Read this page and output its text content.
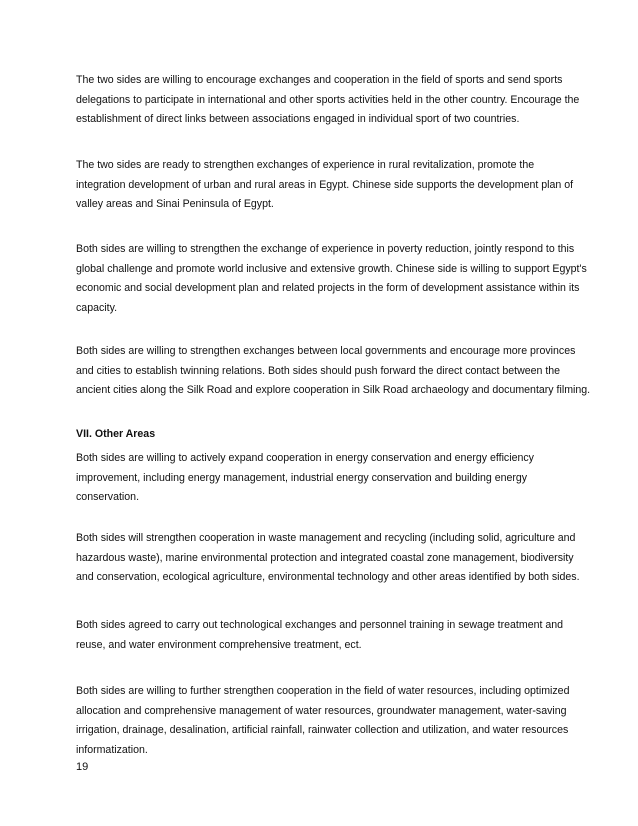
The two sides are willing to encourage exchanges and cooperation in the field of sports and send sports
delegations to participate in international and other sports activities held in the other country. Encourage the
establishment of direct links between associations engaged in individual sport of two countries.

The two sides are ready to strengthen exchanges of experience in rural revitalization, promote the
integration development of urban and rural areas in Egypt. Chinese side supports the development plan of
valley areas and Sinai Peninsula of Egypt.

Both sides are willing to strengthen the exchange of experience in poverty reduction, jointly respond to this
global challenge and promote world inclusive and extensive growth. Chinese side is willing to support Egypt's
economic and social development plan and related projects in the form of development assistance within its
capacity.

Both sides are willing to strengthen exchanges between local governments and encourage more provinces
and cities to establish twinning relations. Both sides should push forward the direct contact between the
ancient cities along the Silk Road and explore cooperation in Silk Road archaeology and documentary filming.

VII. Other Areas

Both sides are willing to actively expand cooperation in energy conservation and energy efficiency
improvement, including energy management, industrial energy conservation and building energy
conservation.

Both sides will strengthen cooperation in waste management and recycling (including solid, agriculture and
hazardous waste), marine environmental protection and integrated coastal zone management, biodiversity
and conservation, ecological agriculture, environmental technology and other areas identified by both sides.

Both sides agreed to carry out technological exchanges and personnel training in sewage treatment and
reuse, and water environment comprehensive treatment, ect.

Both sides are willing to further strengthen cooperation in the field of water resources, including optimized
allocation and comprehensive management of water resources, groundwater management, water-saving
irrigation, drainage, desalination, artificial rainfall, rainwater collection and utilization, and water resources
informatization.

19
